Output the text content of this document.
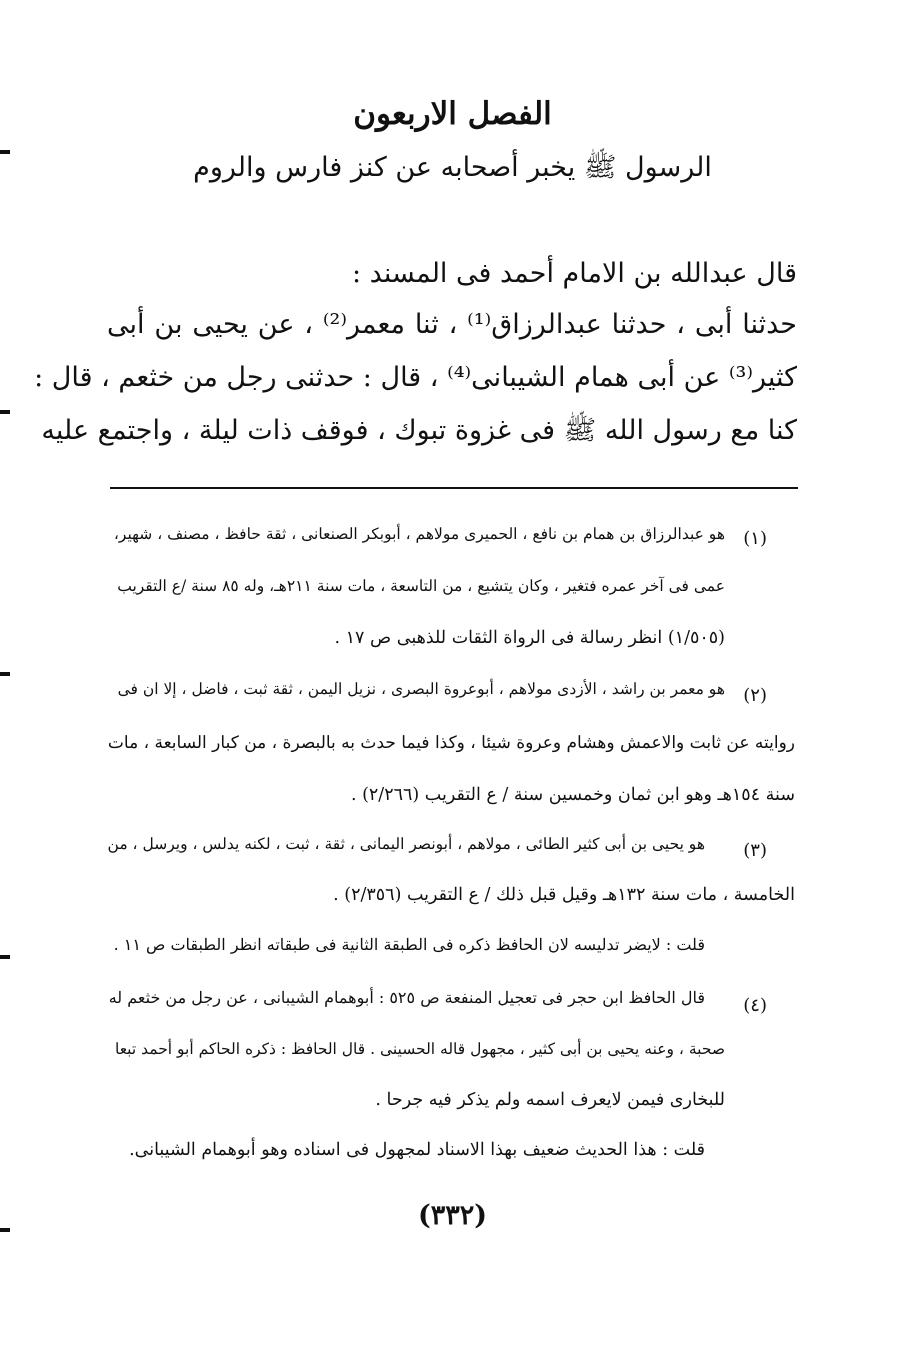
الفصل الاربعون
الرسول ﷺ يخبر أصحابه عن كنز فارس والروم
قال عبدالله بن الامام أحمد فى المسند :
حدثنا أبى ، حدثنا عبدالرزاق⁽¹⁾ ، ثنا معمر⁽²⁾ ، عن يحيى بن أبى
كثير⁽³⁾ عن أبى همام الشيبانى⁽⁴⁾ ، قال : حدثنى رجل من خثعم ، قال :
كنا مع رسول الله ﷺ فى غزوة تبوك ، فوقف ذات ليلة ، واجتمع عليه
(١)
هو عبدالرزاق بن همام بن نافع ، الحميرى مولاهم ، أبوبكر الصنعانى ، ثقة حافظ ، مصنف ، شهير،
عمى فى آخر عمره فتغير ، وكان يتشيع ، من التاسعة ، مات سنة ٢١١هـ، وله ٨٥ سنة /ع التقريب
(١/٥٠٥) انظر رسالة فى الرواة الثقات للذهبى ص ١٧ .
(٢)
هو معمر بن راشد ، الأزدى مولاهم ، أبوعروة البصرى ، نزيل اليمن ، ثقة ثبت ، فاضل ، إلا ان فى
روايته عن ثابت والاعمش وهشام وعروة شيئا ، وكذا فيما حدث به بالبصرة ، من كبار السابعة ، مات
سنة ١٥٤هـ وهو ابن ثمان وخمسين سنة / ع التقريب (٢/٢٦٦) .
(٣)
هو يحيى بن أبى كثير الطائى ، مولاهم ، أبونصر اليمانى ، ثقة ، ثبت ، لكنه يدلس ، ويرسل ، من
الخامسة ، مات سنة ١٣٢هـ وقيل قبل ذلك / ع التقريب (٢/٣٥٦) .
قلت : لايضر تدليسه لان الحافظ ذكره فى الطبقة الثانية فى طبقاته انظر الطبقات ص ١١ .
(٤)
قال الحافظ ابن حجر فى تعجيل المنفعة ص ٥٢٥ : أبوهمام الشيبانى ، عن رجل من خثعم له
صحبة ، وعنه يحيى بن أبى كثير ، مجهول قاله الحسينى . قال الحافظ : ذكره الحاكم أبو أحمد تبعا
للبخارى فيمن لايعرف اسمه ولم يذكر فيه جرحا .
قلت : هذا الحديث ضعيف بهذا الاسناد لمجهول فى اسناده وهو أبوهمام الشيبانى.
(٣٣٢)
